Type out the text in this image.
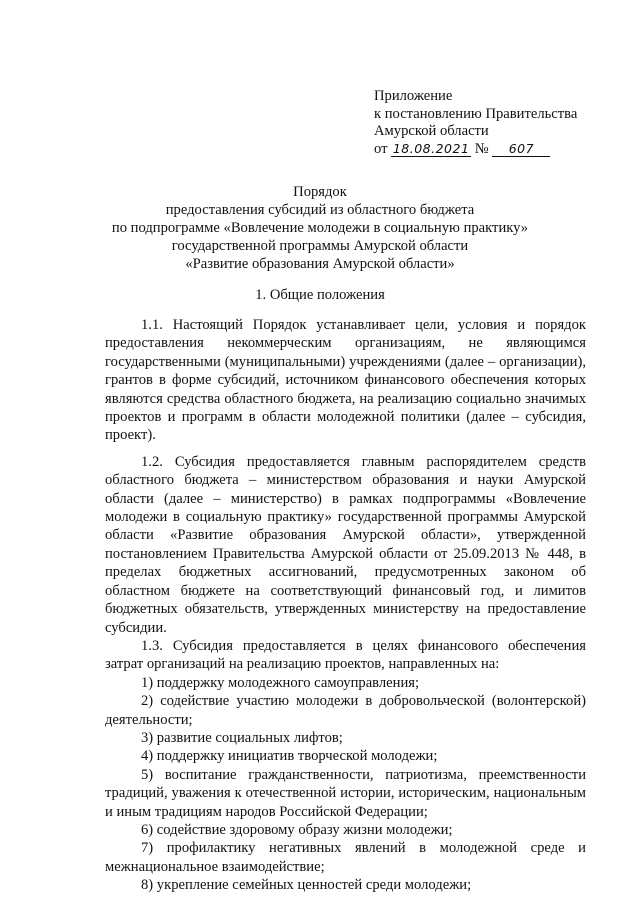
Приложение
к постановлению Правительства
Амурской области
от 18.08.2021 № 607
Порядок
предоставления субсидий из областного бюджета
по подпрограмме «Вовлечение молодежи в социальную практику»
государственной программы Амурской области
«Развитие образования Амурской области»
1. Общие положения

1.1. Настоящий Порядок устанавливает цели, условия и порядок предоставления некоммерческим организациям, не являющимся государственными (муниципальными) учреждениями (далее – организации), грантов в форме субсидий, источником финансового обеспечения которых являются средства областного бюджета, на реализацию социально значимых проектов и программ в области молодежной политики (далее – субсидия, проект).

1.2. Субсидия предоставляется главным распорядителем средств областного бюджета – министерством образования и науки Амурской области (далее – министерство) в рамках подпрограммы «Вовлечение молодежи в социальную практику» государственной программы Амурской области «Развитие образования Амурской области», утвержденной постановлением Правительства Амурской области от 25.09.2013 № 448, в пределах бюджетных ассигнований, предусмотренных законом об областном бюджете на соответствующий финансовый год, и лимитов бюджетных обязательств, утвержденных министерству на предоставление субсидии.

1.3. Субсидия предоставляется в целях финансового обеспечения затрат организаций на реализацию проектов, направленных на:

1) поддержку молодежного самоуправления;

2) содействие участию молодежи в добровольческой (волонтерской) деятельности;

3) развитие социальных лифтов;

4) поддержку инициатив творческой молодежи;

5) воспитание гражданственности, патриотизма, преемственности традиций, уважения к отечественной истории, историческим, национальным и иным традициям народов Российской Федерации;

6) содействие здоровому образу жизни молодежи;

7) профилактику негативных явлений в молодежной среде и межнациональное взаимодействие;

8) укрепление семейных ценностей среди молодежи;
